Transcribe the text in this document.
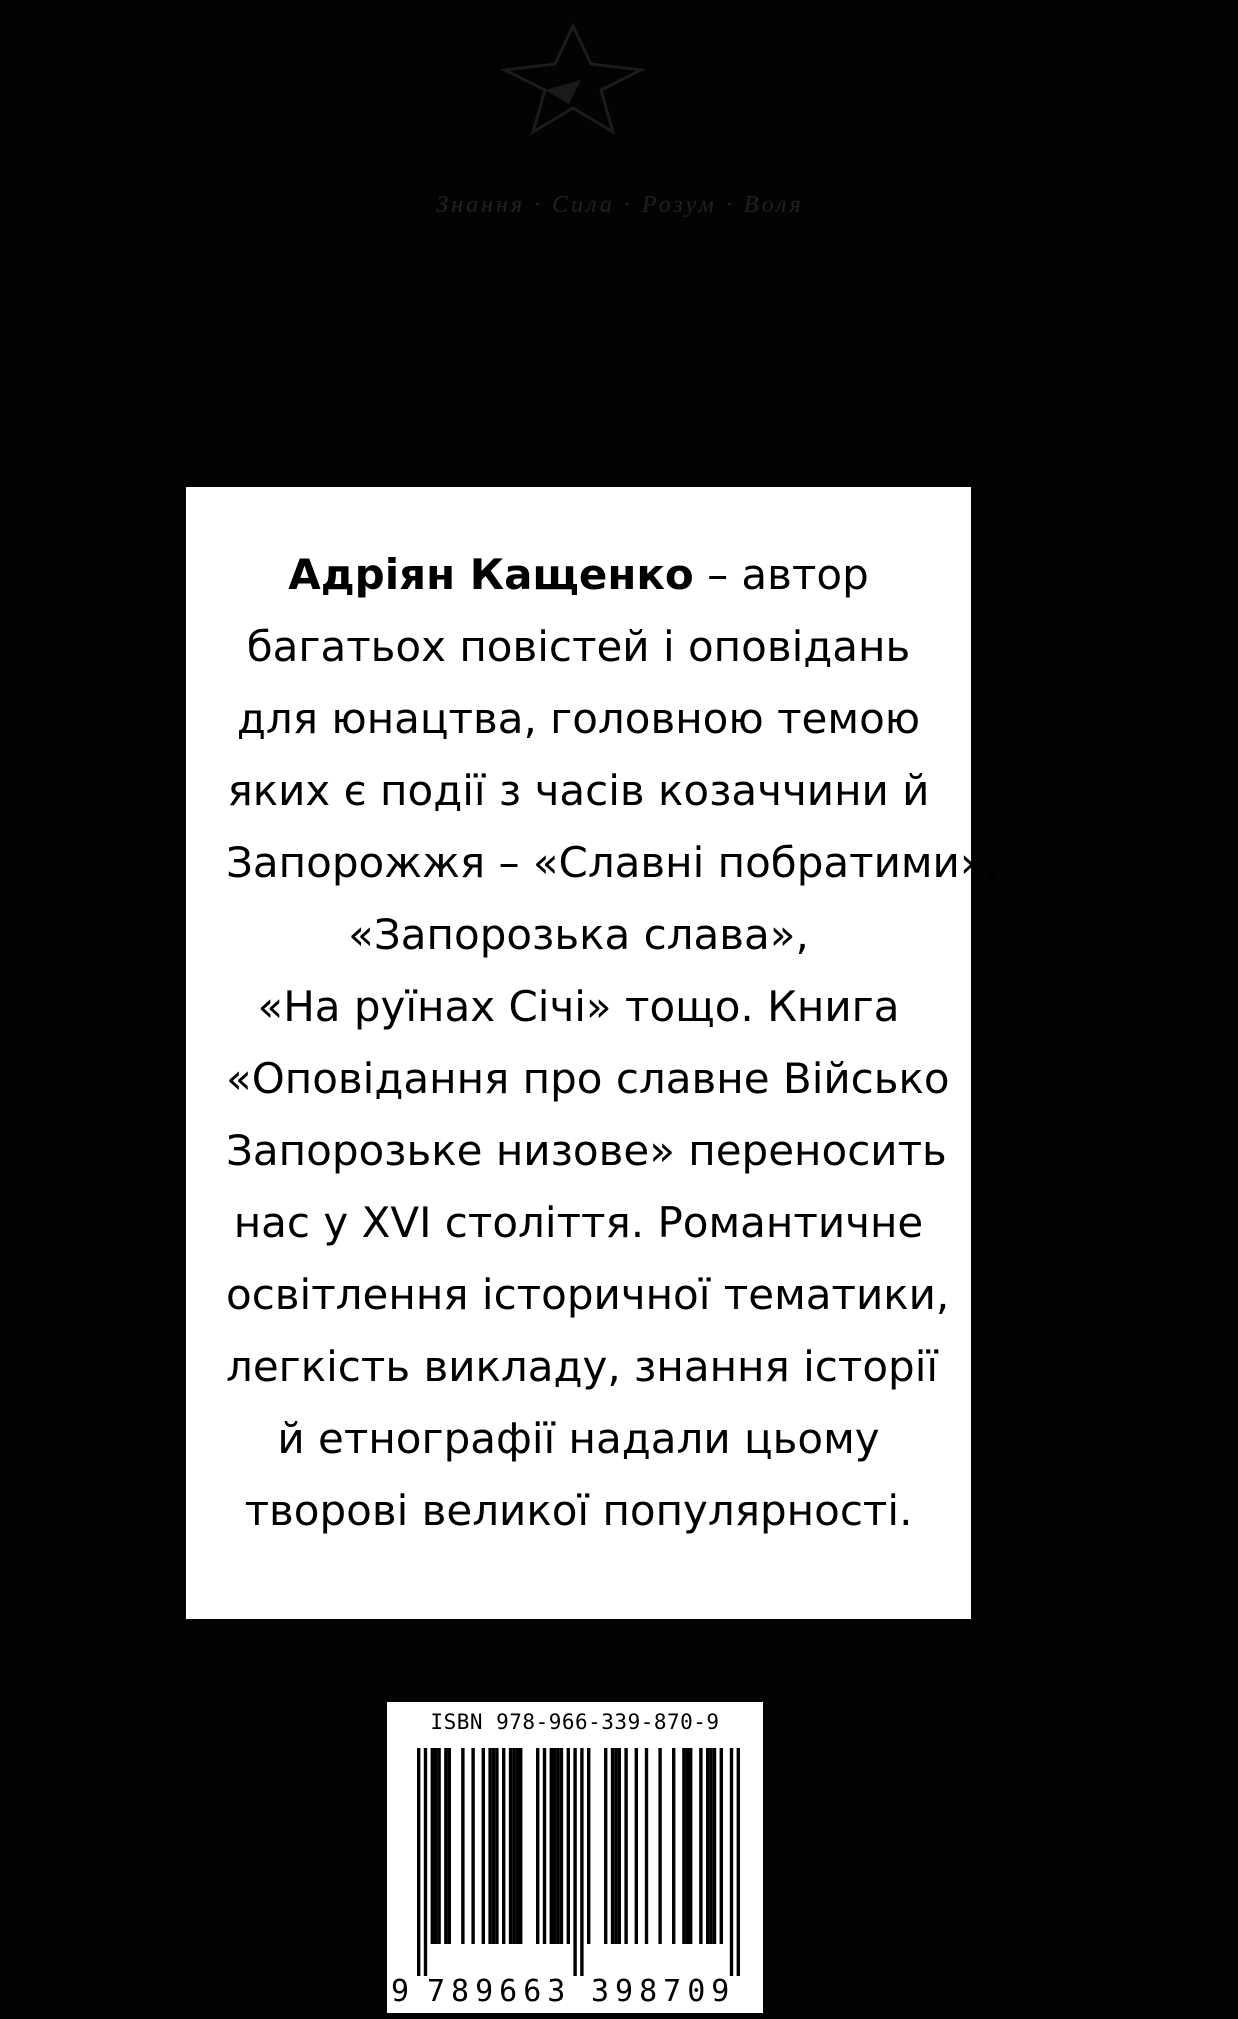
· · · · · · · · ·
Знання · Сила · Розум · Воля

Адріян Кащенко – автор
багатьох повістей і оповідань
для юнацтва, головною темою
яких є події з часів козаччини й
Запорожжя – «Славні побратими»,
«Запорозька слава»,
«На руїнах Січі» тощо. Книга
«Оповідання про славне Військо
Запорозьке низове» переносить
нас у XVI століття. Романтичне
освітлення історичної тематики,
легкість викладу, знання історії
й етнографії надали цьому
творові великої популярності.

ISBN 978-966-339-870-9
9 789663 398709
